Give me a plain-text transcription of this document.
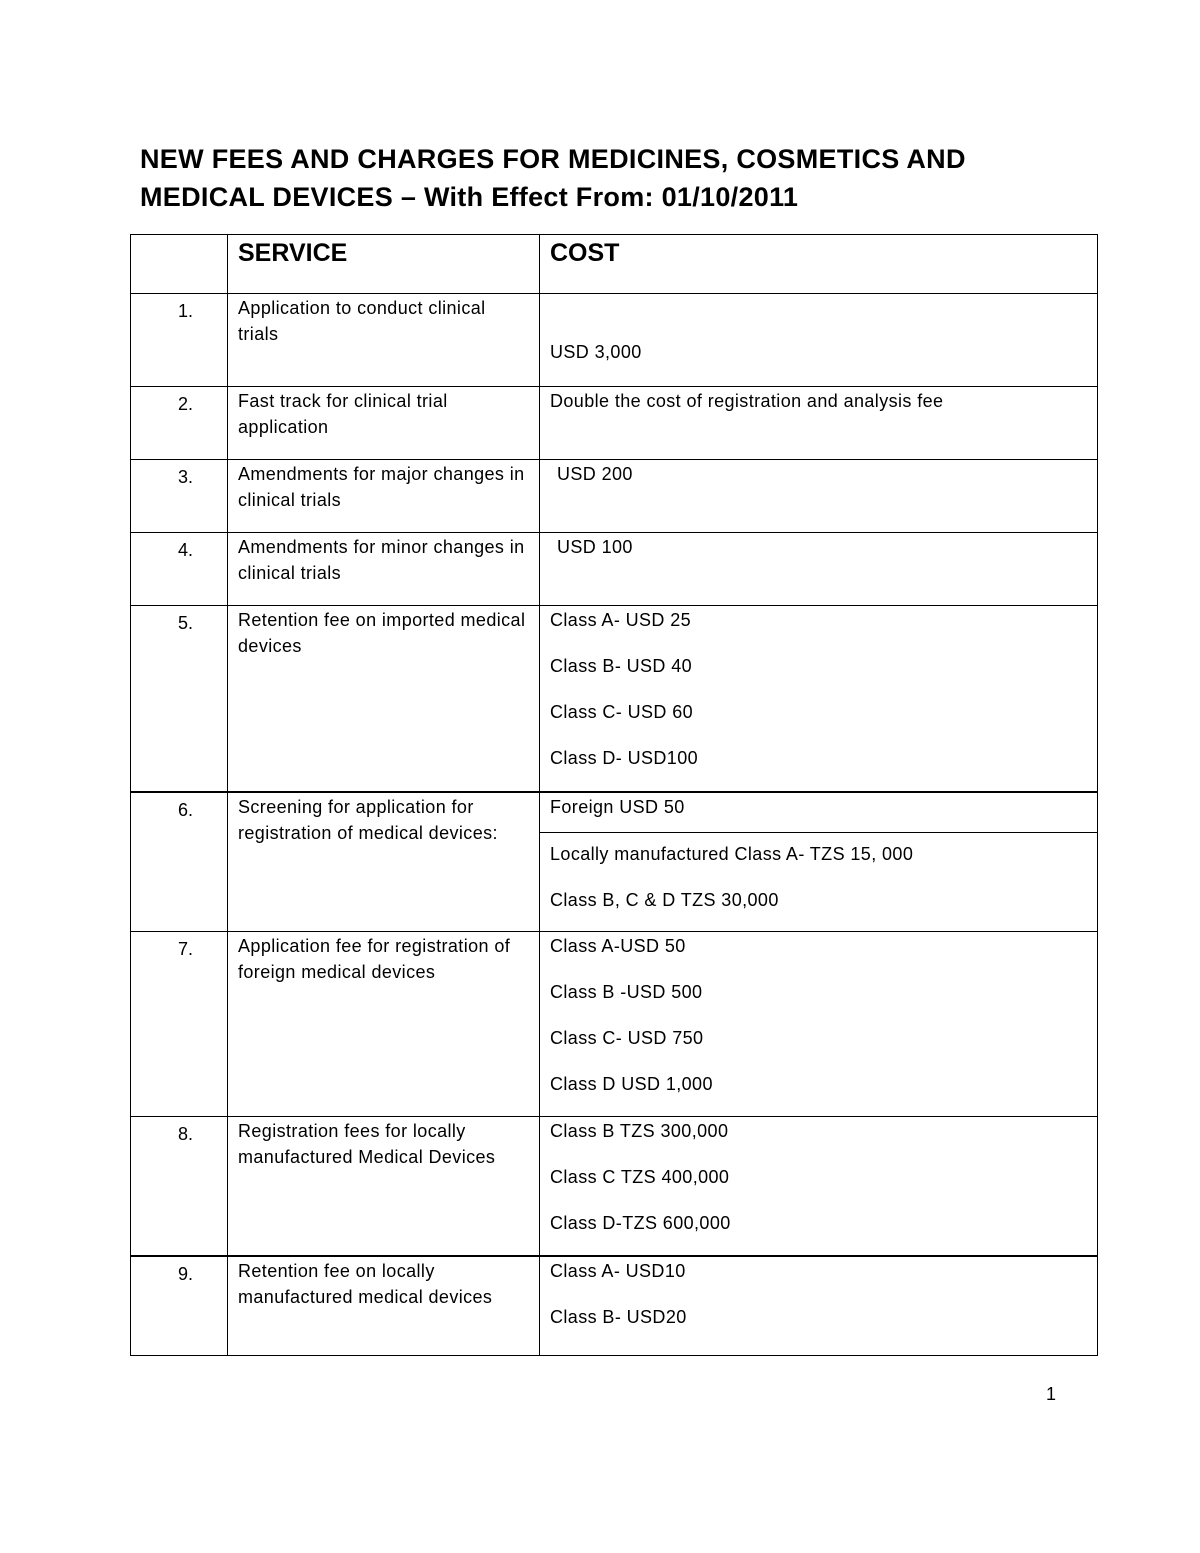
NEW FEES AND CHARGES FOR MEDICINES, COSMETICS AND
MEDICAL DEVICES – With Effect From: 01/10/2011
	SERVICE	COST
1.	Application to conduct clinical trials	USD 3,000

2.	Fast track for clinical trial application	Double the cost of registration and analysis fee

3.	Amendments for major changes in clinical trials	USD 200

4.	Amendments for minor changes in clinical trials	USD 100

5.	Retention fee on imported medical devices	Class A- USD 25
Class B- USD 40
Class C- USD 60
Class D- USD100

6.	Screening for application for registration of medical devices:	Foreign USD 50
Locally manufactured Class A- TZS 15, 000
Class B, C & D TZS 30,000

7.	Application fee for registration of foreign medical devices	Class A-USD 50
Class B -USD 500
Class C- USD 750
Class D USD 1,000

8.	Registration fees for locally manufactured Medical Devices	Class B TZS 300,000
Class C TZS 400,000
Class D-TZS 600,000

9.	Retention fee on locally manufactured medical devices	Class A- USD10
Class B- USD20
1
